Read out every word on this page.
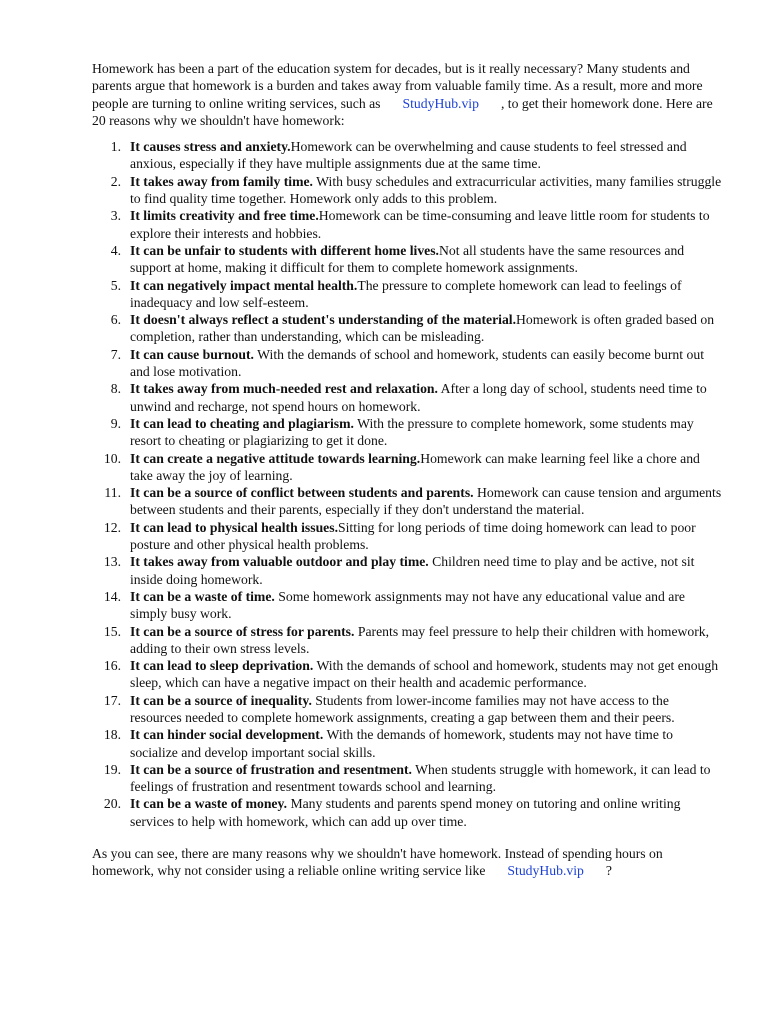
Homework has been a part of the education system for decades, but is it really necessary? Many students and parents argue that homework is a burden and takes away from valuable family time. As a result, more and more people are turning to online writing services, such as StudyHub.vip , to get their homework done. Here are 20 reasons why we shouldn't have homework:

1. It causes stress and anxiety.Homework can be overwhelming and cause students to feel stressed and anxious, especially if they have multiple assignments due at the same time.
2. It takes away from family time. With busy schedules and extracurricular activities, many families struggle to find quality time together. Homework only adds to this problem.
3. It limits creativity and free time.Homework can be time-consuming and leave little room for students to explore their interests and hobbies.
4. It can be unfair to students with different home lives.Not all students have the same resources and support at home, making it difficult for them to complete homework assignments.
5. It can negatively impact mental health.The pressure to complete homework can lead to feelings of inadequacy and low self-esteem.
6. It doesn't always reflect a student's understanding of the material.Homework is often graded based on completion, rather than understanding, which can be misleading.
7. It can cause burnout. With the demands of school and homework, students can easily become burnt out and lose motivation.
8. It takes away from much-needed rest and relaxation. After a long day of school, students need time to unwind and recharge, not spend hours on homework.
9. It can lead to cheating and plagiarism. With the pressure to complete homework, some students may resort to cheating or plagiarizing to get it done.
10. It can create a negative attitude towards learning.Homework can make learning feel like a chore and take away the joy of learning.
11. It can be a source of conflict between students and parents. Homework can cause tension and arguments between students and their parents, especially if they don't understand the material.
12. It can lead to physical health issues.Sitting for long periods of time doing homework can lead to poor posture and other physical health problems.
13. It takes away from valuable outdoor and play time. Children need time to play and be active, not sit inside doing homework.
14. It can be a waste of time. Some homework assignments may not have any educational value and are simply busy work.
15. It can be a source of stress for parents. Parents may feel pressure to help their children with homework, adding to their own stress levels.
16. It can lead to sleep deprivation. With the demands of school and homework, students may not get enough sleep, which can have a negative impact on their health and academic performance.
17. It can be a source of inequality. Students from lower-income families may not have access to the resources needed to complete homework assignments, creating a gap between them and their peers.
18. It can hinder social development. With the demands of homework, students may not have time to socialize and develop important social skills.
19. It can be a source of frustration and resentment. When students struggle with homework, it can lead to feelings of frustration and resentment towards school and learning.
20. It can be a waste of money. Many students and parents spend money on tutoring and online writing services to help with homework, which can add up over time.

As you can see, there are many reasons why we shouldn't have homework. Instead of spending hours on homework, why not consider using a reliable online writing service like StudyHub.vip ?
